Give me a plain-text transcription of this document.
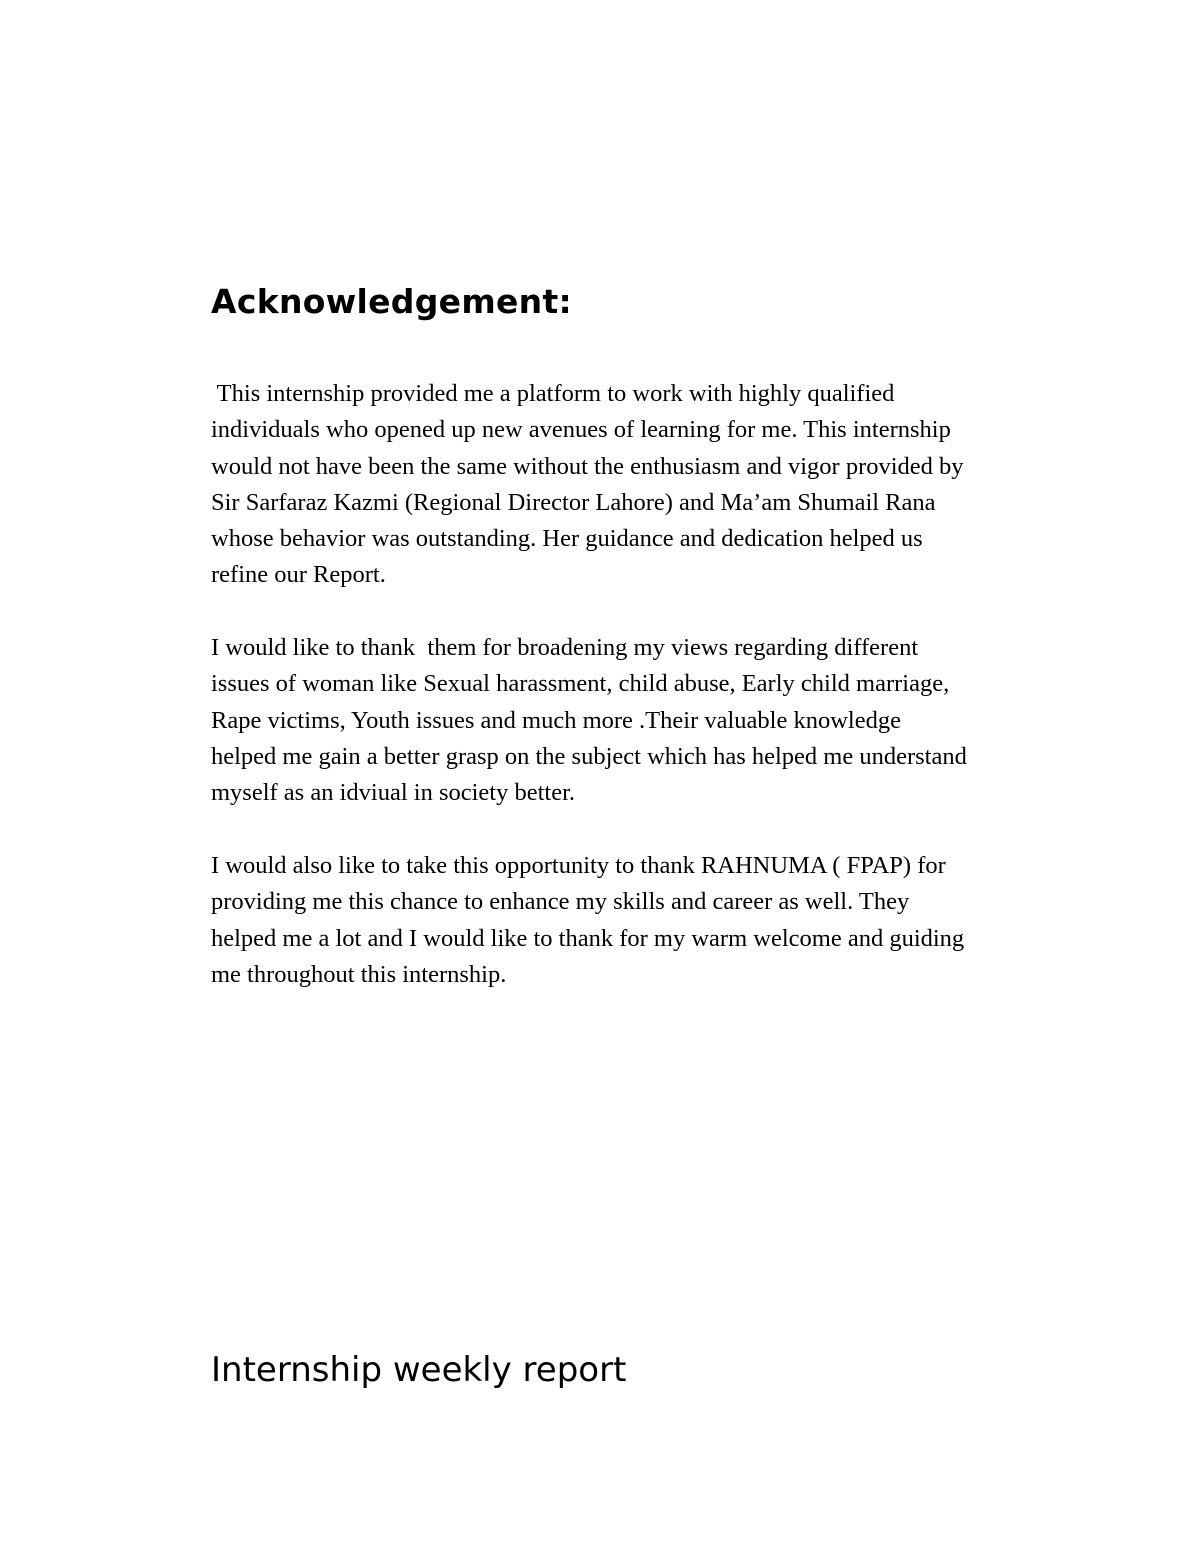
Acknowledgement:

This internship provided me a platform to work with highly qualified
individuals who opened up new avenues of learning for me. This internship
would not have been the same without the enthusiasm and vigor provided by
Sir Sarfaraz Kazmi (Regional Director Lahore) and Ma’am Shumail Rana
whose behavior was outstanding. Her guidance and dedication helped us
refine our Report.

I would like to thank  them for broadening my views regarding different
issues of woman like Sexual harassment, child abuse, Early child marriage,
Rape victims, Youth issues and much more .Their valuable knowledge
helped me gain a better grasp on the subject which has helped me understand
myself as an idviual in society better.

I would also like to take this opportunity to thank RAHNUMA ( FPAP) for
providing me this chance to enhance my skills and career as well. They
helped me a lot and I would like to thank for my warm welcome and guiding
me throughout this internship.

Internship weekly report
